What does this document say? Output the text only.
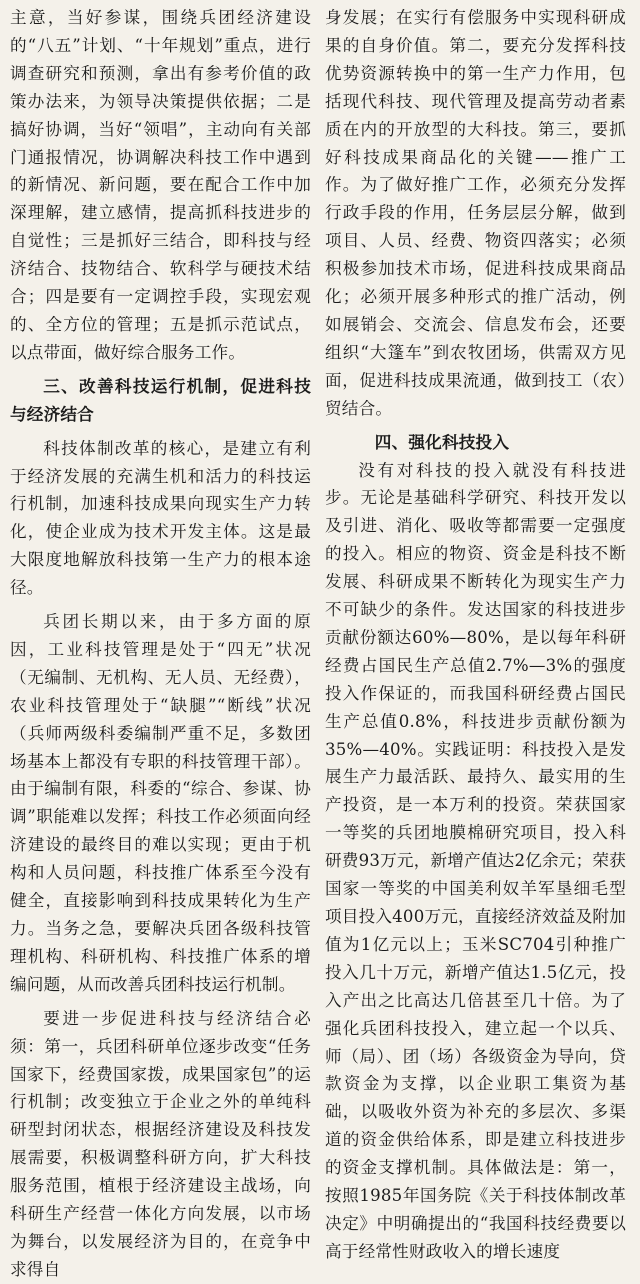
主意，当好参谋，围绕兵团经济建设的“八五”计划、“十年规划”重点，进行调查研究和预测，拿出有参考价值的政策办法来，为领导决策提供依据；二是搞好协调，当好“领唱”，主动向有关部门通报情况，协调解决科技工作中遇到的新情况、新问题，要在配合工作中加深理解，建立感情，提高抓科技进步的自觉性；三是抓好三结合，即科技与经济结合、技物结合、软科学与硬技术结合；四是要有一定调控手段，实现宏观的、全方位的管理；五是抓示范试点，以点带面，做好综合服务工作。

三、改善科技运行机制，促进科技与经济结合

科技体制改革的核心，是建立有利于经济发展的充满生机和活力的科技运行机制，加速科技成果向现实生产力转化，使企业成为技术开发主体。这是最大限度地解放科技第一生产力的根本途径。

兵团长期以来，由于多方面的原因，工业科技管理是处于“四无”状况（无编制、无机构、无人员、无经费），农业科技管理处于“缺腿”“断线”状况（兵师两级科委编制严重不足，多数团场基本上都没有专职的科技管理干部）。由于编制有限，科委的“综合、参谋、协调”职能难以发挥；科技工作必须面向经济建设的最终目的难以实现；更由于机构和人员问题，科技推广体系至今没有健全，直接影响到科技成果转化为生产力。当务之急，要解决兵团各级科技管理机构、科研机构、科技推广体系的增编问题，从而改善兵团科技运行机制。

要进一步促进科技与经济结合必须：第一，兵团科研单位逐步改变“任务国家下，经费国家拨，成果国家包”的运行机制；改变独立于企业之外的单纯科研型封闭状态，根据经济建设及科技发展需要，积极调整科研方向，扩大科技服务范围，植根于经济建设主战场，向科研生产经营一体化方向发展，以市场为舞台，以发展经济为目的，在竞争中求得自

身发展；在实行有偿服务中实现科研成果的自身价值。第二，要充分发挥科技优势资源转换中的第一生产力作用，包括现代科技、现代管理及提高劳动者素质在内的开放型的大科技。第三，要抓好科技成果商品化的关键——推广工作。为了做好推广工作，必须充分发挥行政手段的作用，任务层层分解，做到项目、人员、经费、物资四落实；必须积极参加技术市场，促进科技成果商品化；必须开展多种形式的推广活动，例如展销会、交流会、信息发布会，还要组织“大篷车”到农牧团场，供需双方见面，促进科技成果流通，做到技工（农）贸结合。

四、强化科技投入

没有对科技的投入就没有科技进步。无论是基础科学研究、科技开发以及引进、消化、吸收等都需要一定强度的投入。相应的物资、资金是科技不断发展、科研成果不断转化为现实生产力不可缺少的条件。发达国家的科技进步贡献份额达60%—80%，是以每年科研经费占国民生产总值2.7%—3%的强度投入作保证的，而我国科研经费占国民生产总值0.8%，科技进步贡献份额为35%—40%。实践证明：科技投入是发展生产力最活跃、最持久、最实用的生产投资，是一本万利的投资。荣获国家一等奖的兵团地膜棉研究项目，投入科研费93万元，新增产值达2亿余元；荣获国家一等奖的中国美利奴羊军垦细毛型项目投入400万元，直接经济效益及附加值为1亿元以上；玉米SC704引种推广投入几十万元，新增产值达1.5亿元，投入产出之比高达几倍甚至几十倍。为了强化兵团科技投入，建立起一个以兵、师（局）、团（场）各级资金为导向，贷款资金为支撑，以企业职工集资为基础，以吸收外资为补充的多层次、多渠道的资金供给体系，即是建立科技进步的资金支撑机制。具体做法是：第一，按照1985年国务院《关于科技体制改革决定》中明确提出的“我国科技经费要以高于经常性财政收入的增长速度
